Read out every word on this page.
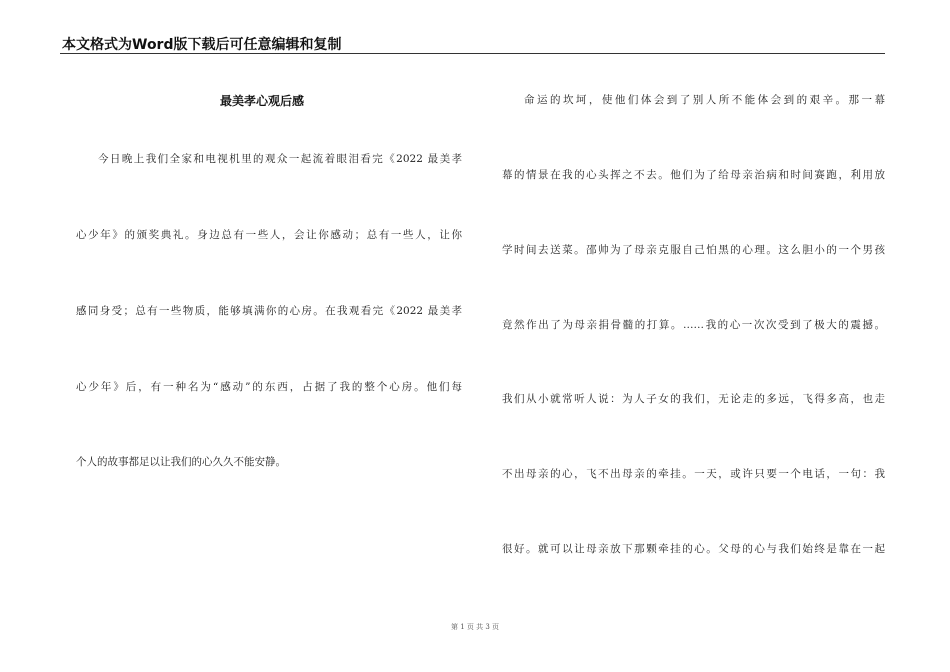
本文格式为Word版下载后可任意编辑和复制
最美孝心观后感
今日晚上我们全家和电视机里的观众一起流着眼泪看完《2022 最美孝
心少年》的颁奖典礼。身边总有一些人，会让你感动；总有一些人，让你
感同身受；总有一些物质，能够填满你的心房。在我观看完《2022 最美孝
心少年》后，有一种名为“感动”的东西，占据了我的整个心房。他们每
个人的故事都足以让我们的心久久不能安静。
命运的坎坷，使他们体会到了别人所不能体会到的艰辛。那一幕
幕的情景在我的心头挥之不去。他们为了给母亲治病和时间赛跑，利用放
学时间去送菜。邵帅为了母亲克服自己怕黑的心理。这么胆小的一个男孩
竟然作出了为母亲捐骨髓的打算。……我的心一次次受到了极大的震撼。
我们从小就常听人说：为人子女的我们，无论走的多远，飞得多高，也走
不出母亲的心，飞不出母亲的牵挂。一天，或许只要一个电话，一句：我
很好。就可以让母亲放下那颗牵挂的心。父母的心与我们始终是靠在一起
第 1 页 共 3 页
